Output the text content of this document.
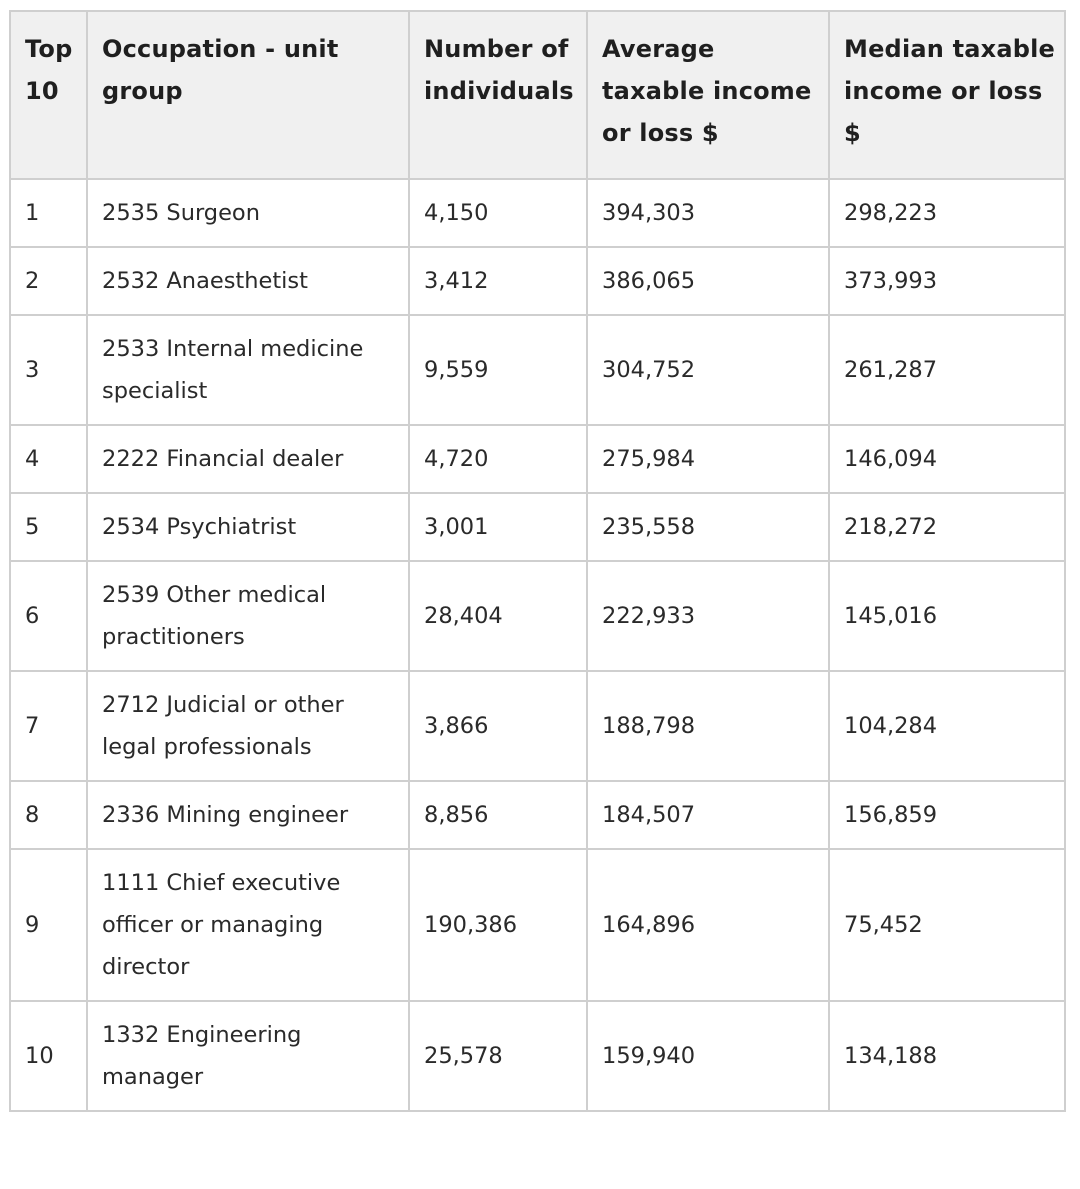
Top 10	Occupation - unit group	Number of individuals	Average taxable income or loss $	Median taxable income or loss $
1	2535 Surgeon	4,150	394,303	298,223
2	2532 Anaesthetist	3,412	386,065	373,993
3	2533 Internal medicine specialist	9,559	304,752	261,287
4	2222 Financial dealer	4,720	275,984	146,094
5	2534 Psychiatrist	3,001	235,558	218,272
6	2539 Other medical practitioners	28,404	222,933	145,016
7	2712 Judicial or other legal professionals	3,866	188,798	104,284
8	2336 Mining engineer	8,856	184,507	156,859
9	1111 Chief executive officer or managing director	190,386	164,896	75,452
10	1332 Engineering manager	25,578	159,940	134,188
